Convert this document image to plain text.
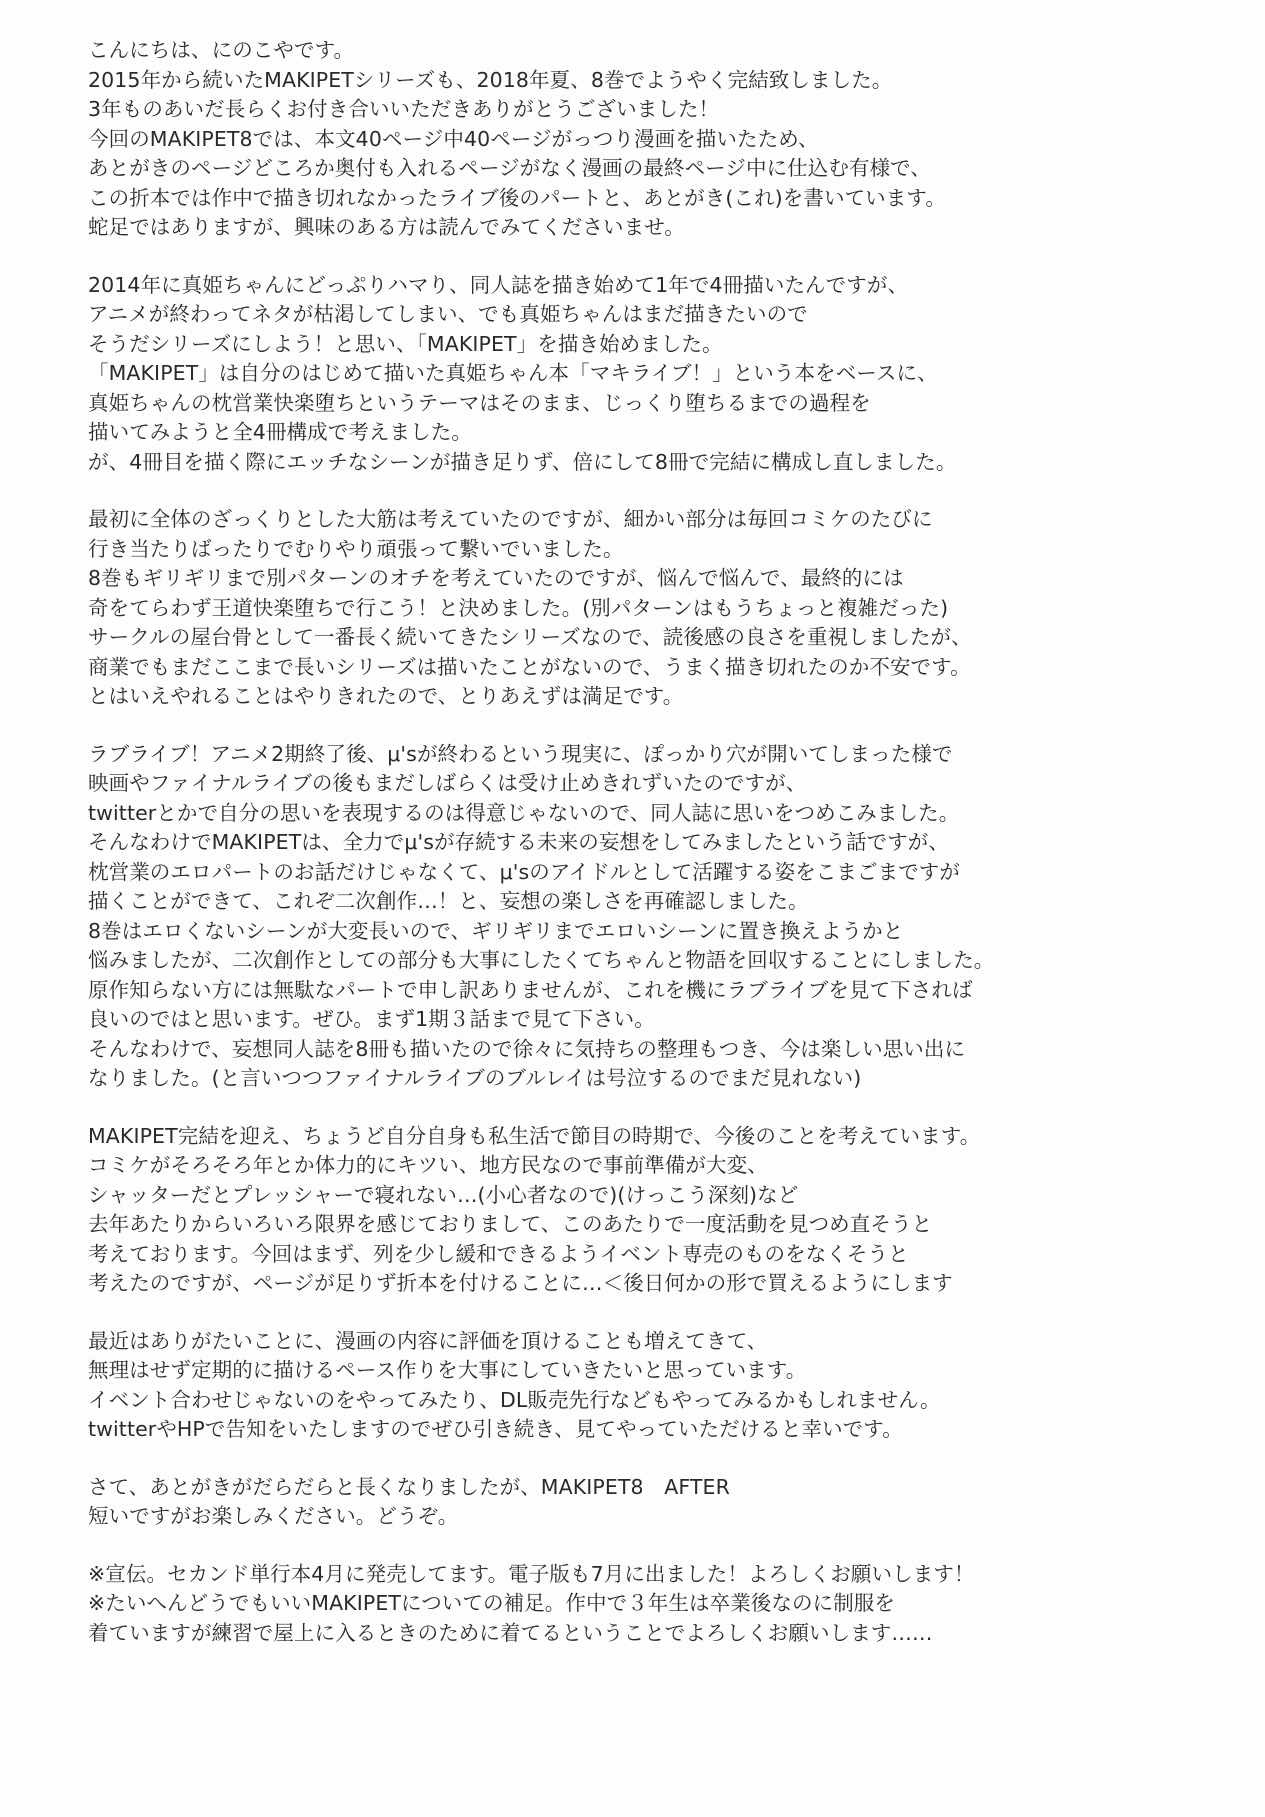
こんにちは、にのこやです。
2015年から続いたMAKIPETシリーズも、2018年夏、8巻でようやく完結致しました。
3年ものあいだ長らくお付き合いいただきありがとうございました！
今回のMAKIPET8では、本文40ページ中40ページがっつり漫画を描いたため、
あとがきのページどころか奥付も入れるページがなく漫画の最終ページ中に仕込む有様で、
この折本では作中で描き切れなかったライブ後のパートと、あとがき(これ)を書いています。
蛇足ではありますが、興味のある方は読んでみてくださいませ。
2014年に真姫ちゃんにどっぷりハマり、同人誌を描き始めて1年で4冊描いたんですが、
アニメが終わってネタが枯渇してしまい、でも真姫ちゃんはまだ描きたいので
そうだシリーズにしよう！と思い、「MAKIPET」を描き始めました。
「MAKIPET」は自分のはじめて描いた真姫ちゃん本「マキライブ！」という本をベースに、
真姫ちゃんの枕営業快楽堕ちというテーマはそのまま、じっくり堕ちるまでの過程を
描いてみようと全4冊構成で考えました。
が、4冊目を描く際にエッチなシーンが描き足りず、倍にして8冊で完結に構成し直しました。
最初に全体のざっくりとした大筋は考えていたのですが、細かい部分は毎回コミケのたびに
行き当たりばったりでむりやり頑張って繋いでいました。
8巻もギリギリまで別パターンのオチを考えていたのですが、悩んで悩んで、最終的には
奇をてらわず王道快楽堕ちで行こう！と決めました。(別パターンはもうちょっと複雑だった)
サークルの屋台骨として一番長く続いてきたシリーズなので、読後感の良さを重視しましたが、
商業でもまだここまで長いシリーズは描いたことがないので、うまく描き切れたのか不安です。
とはいえやれることはやりきれたので、とりあえずは満足です。
ラブライブ！アニメ2期終了後、μ'sが終わるという現実に、ぽっかり穴が開いてしまった様で
映画やファイナルライブの後もまだしばらくは受け止めきれずいたのですが、
twitterとかで自分の思いを表現するのは得意じゃないので、同人誌に思いをつめこみました。
そんなわけでMAKIPETは、全力でμ'sが存続する未来の妄想をしてみましたという話ですが、
枕営業のエロパートのお話だけじゃなくて、μ'sのアイドルとして活躍する姿をこまごまですが
描くことができて、これぞ二次創作…！と、妄想の楽しさを再確認しました。
8巻はエロくないシーンが大変長いので、ギリギリまでエロいシーンに置き換えようかと
悩みましたが、二次創作としての部分も大事にしたくてちゃんと物語を回収することにしました。
原作知らない方には無駄なパートで申し訳ありませんが、これを機にラブライブを見て下されば
良いのではと思います。ぜひ。まず1期３話まで見て下さい。
そんなわけで、妄想同人誌を8冊も描いたので徐々に気持ちの整理もつき、今は楽しい思い出に
なりました。(と言いつつファイナルライブのブルレイは号泣するのでまだ見れない)
MAKIPET完結を迎え、ちょうど自分自身も私生活で節目の時期で、今後のことを考えています。
コミケがそろそろ年とか体力的にキツい、地方民なので事前準備が大変、
シャッターだとプレッシャーで寝れない…(小心者なので)(けっこう深刻)など
去年あたりからいろいろ限界を感じておりまして、このあたりで一度活動を見つめ直そうと
考えております。今回はまず、列を少し緩和できるようイベント専売のものをなくそうと
考えたのですが、ページが足りず折本を付けることに…＜後日何かの形で買えるようにします
最近はありがたいことに、漫画の内容に評価を頂けることも増えてきて、
無理はせず定期的に描けるペース作りを大事にしていきたいと思っています。
イベント合わせじゃないのをやってみたり、DL販売先行などもやってみるかもしれません。
twitterやHPで告知をいたしますのでぜひ引き続き、見てやっていただけると幸いです。
さて、あとがきがだらだらと長くなりましたが、MAKIPET8　AFTER
短いですがお楽しみください。どうぞ。
※宣伝。セカンド単行本4月に発売してます。電子版も7月に出ました！よろしくお願いします！
※たいへんどうでもいいMAKIPETについての補足。作中で３年生は卒業後なのに制服を
着ていますが練習で屋上に入るときのために着てるということでよろしくお願いします……
